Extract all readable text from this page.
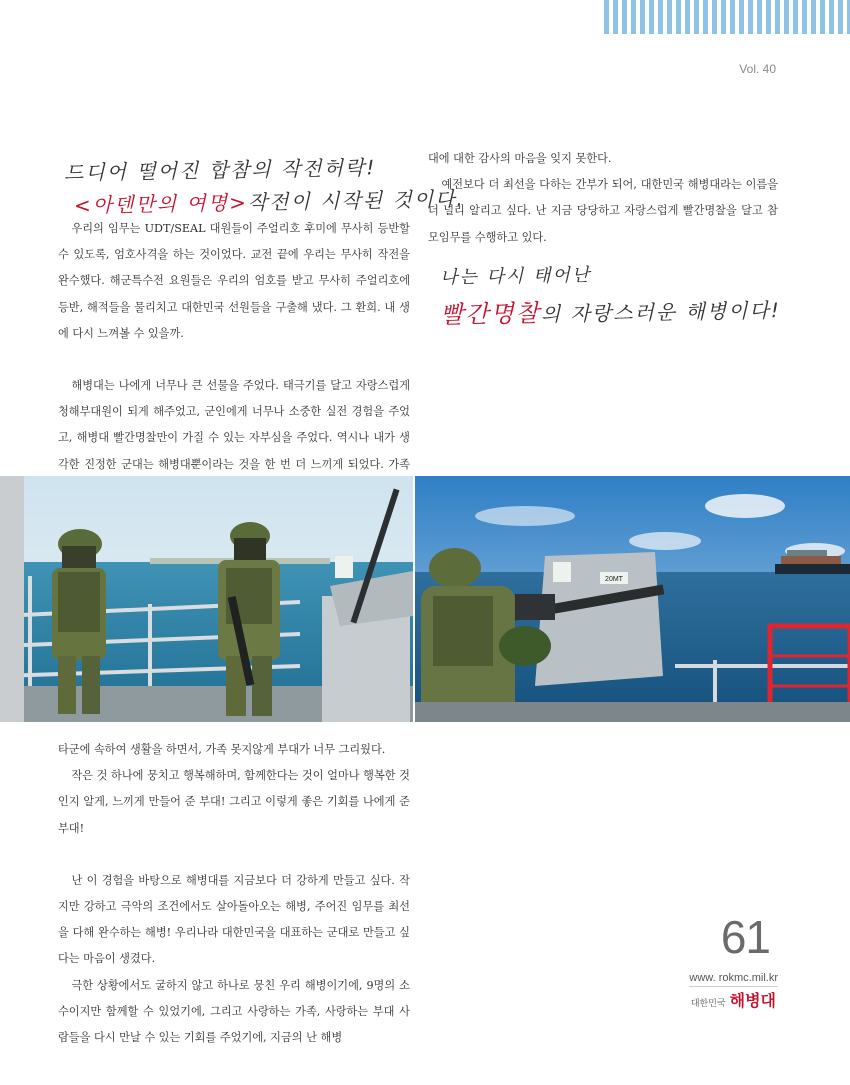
Vol. 40
드디어 떨어진 합참의 작전허락!
<아덴만의 여명>작전이 시작된 것이다.
나는 다시 태어난
빨간명찰의 자랑스러운 해병이다!

우리의 임무는 UDT/SEAL 대원들이 주얼리호 후미에 무사히 등반할 수 있도록, 엄호사격을 하는 것이었다. 교전 끝에 우리는 무사히 작전을 완수했다. 해군특수전 요원들은 우리의 엄호를 받고 무사히 주얼리호에 등반, 해적들을 물리치고 대한민국 선원들을 구출해 냈다. 그 환희. 내 생에 다시 느껴볼 수 있을까.

해병대는 나에게 너무나 큰 선물을 주었다. 태극기를 달고 자랑스럽게 청해부대원이 되게 해주었고, 군인에게 너무나 소중한 실전 경험을 주었고, 해병대 빨간명찰만이 가질 수 있는 자부심을 주었다. 역시나 내가 생각한 진정한 군대는 해병대뿐이라는 것을 한 번 더 느끼게 되었다. 가족

대에 대한 감사의 마음을 잊지 못한다.

예전보다 더 최선을 다하는 간부가 되어, 대한민국 해병대라는 이름을 더 널리 알리고 싶다. 난 지금 당당하고 자랑스럽게 빨간명찰을 달고 참모임무를 수행하고 있다.

20MT

타군에 속하여 생활을 하면서, 가족 못지않게 부대가 너무 그리웠다.

작은 것 하나에 뭉치고 행복해하며, 함께한다는 것이 얼마나 행복한 것인지 알게, 느끼게 만들어 준 부대! 그리고 이렇게 좋은 기회를 나에게 준 부대!

난 이 경험을 바탕으로 해병대를 지금보다 더 강하게 만들고 싶다. 작지만 강하고 극악의 조건에서도 살아돌아오는 해병, 주어진 임무를 최선을 다해 완수하는 해병! 우리나라 대한민국을 대표하는 군대로 만들고 싶다는 마음이 생겼다.

극한 상황에서도 굴하지 않고 하나로 뭉친 우리 해병이기에, 9명의 소수이지만 함께할 수 있었기에, 그리고 사랑하는 가족, 사랑하는 부대 사람들을 다시 만날 수 있는 기회를 주었기에, 지금의 난 해병

61
www. rokmc.mil.kr
대한민국 해병대
